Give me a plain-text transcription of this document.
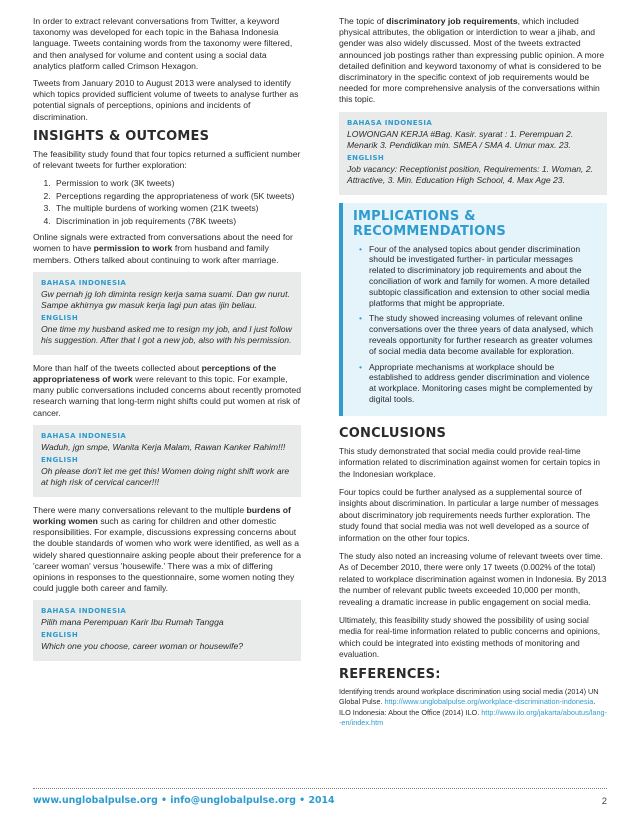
In order to extract relevant conversations from Twitter, a keyword taxonomy was developed for each topic in the Bahasa Indonesia language. Tweets containing words from the taxonomy were filtered, and then analysed for volume and content using a social data analytics platform called Crimson Hexagon.

Tweets from January 2010 to August 2013 were analysed to identify which topics provided sufficient volume of tweets to analyse further as potential signals of perceptions, opinions and incidents of discrimination.

INSIGHTS & OUTCOMES

The feasibility study found that four topics returned a sufficient number of relevant tweets for further exploration:

1. Permission to work (3K tweets)
2. Perceptions regarding the appropriateness of work (5K tweets)
3. The multiple burdens of working women (21K tweets)
4. Discrimination in job requirements (78K tweets)

Online signals were extracted from conversations about the need for women to have permission to work from husband and family members. Others talked about continuing to work after marriage.

BAHASA INDONESIA
Gw pernah jg loh diminta resign kerja sama suami. Dan gw nurut. Sampe akhirnya gw masuk kerja lagi pun atas ijin beliau.
ENGLISH
One time my husband asked me to resign my job, and I just follow his suggestion. After that I got a new job, also with his permission.

More than half of the tweets collected about perceptions of the appropriateness of work were relevant to this topic. For example, many public conversations included concerns about recently promoted research warning that long-term night shifts could put women at risk of cancer.

BAHASA INDONESIA
Waduh, jgn smpe, Wanita Kerja Malam, Rawan Kanker Rahim!!!
ENGLISH
Oh please don't let me get this! Women doing night shift work are at high risk of cervical cancer!!!

There were many conversations relevant to the multiple burdens of working women such as caring for children and other domestic responsibilities. For example, discussions expressing concerns about the double standards of women who work were identified, as well as a widely shared questionnaire asking people about their preference for a 'career woman' versus 'housewife.' There was a mix of differing opinions in responses to the questionnaire, some women noting they could juggle both career and family.

BAHASA INDONESIA
Pilih mana Perempuan Karir Ibu Rumah Tangga
ENGLISH
Which one you choose, career woman or housewife?

The topic of discriminatory job requirements, which included physical attributes, the obligation or interdiction to wear a jihab, and gender was also widely discussed. Most of the tweets extracted announced job postings rather than expressing public opinion. A more detailed definition and keyword taxonomy of what is considered to be discriminatory in the specific context of job requirements would be needed for more comprehensive analysis of the conversations within this topic.

BAHASA INDONESIA
LOWONGAN KERJA #Bag. Kasir. syarat : 1. Perempuan 2. Menarik 3. Pendidikan min. SMEA / SMA 4. Umur max. 23.
ENGLISH
Job vacancy: Receptionist position, Requirements: 1. Woman, 2. Attractive, 3. Min. Education High School, 4. Max Age 23.
IMPLICATIONS & RECOMMENDATIONS
• Four of the analysed topics about gender discrimination should be investigated further- in particular messages related to discriminatory job requirements and about the conciliation of work and family for women. A more detailed subtopic classification and extension to other social media platforms that might be appropriate.
• The study showed increasing volumes of relevant online conversations over the three years of data analysed, which reveals opportunity for further research as greater volumes of social media data become available for exploration.
• Appropriate mechanisms at workplace should be established to address gender discrimination and violence at workplace. Monitoring cases might be complemented by digital tools.
CONCLUSIONS

This study demonstrated that social media could provide real-time information related to discrimination against women for certain topics in the Indonesian workplace.

Four topics could be further analysed as a supplemental source of insights about discrimination. In particular a large number of messages about discriminatory job requirements needs further exploration. The study found that social media was not well developed as a source of information on the other four topics.

The study also noted an increasing volume of relevant tweets over time. As of December 2010, there were only 17 tweets (0.002% of the total) related to workplace discrimination against women in Indonesia. By 2013 the number of relevant public tweets exceeded 10,000 per month, revealing a dramatic increase in public engagement on social media.

Ultimately, this feasibility study showed the possibility of using social media for real-time information related to public concerns and opinions, which could be integrated into existing methods of monitoring and evaluation.

REFERENCES:

Identifying trends around workplace discrimination using social media (2014) UN Global Pulse. http://www.unglobalpulse.org/workplace-discrimination-indonesia. ILO Indonesia: About the Office (2014) ILO. http://www.ilo.org/jakarta/aboutus/lang--en/index.htm

www.unglobalpulse.org • info@unglobalpulse.org • 2014	2
